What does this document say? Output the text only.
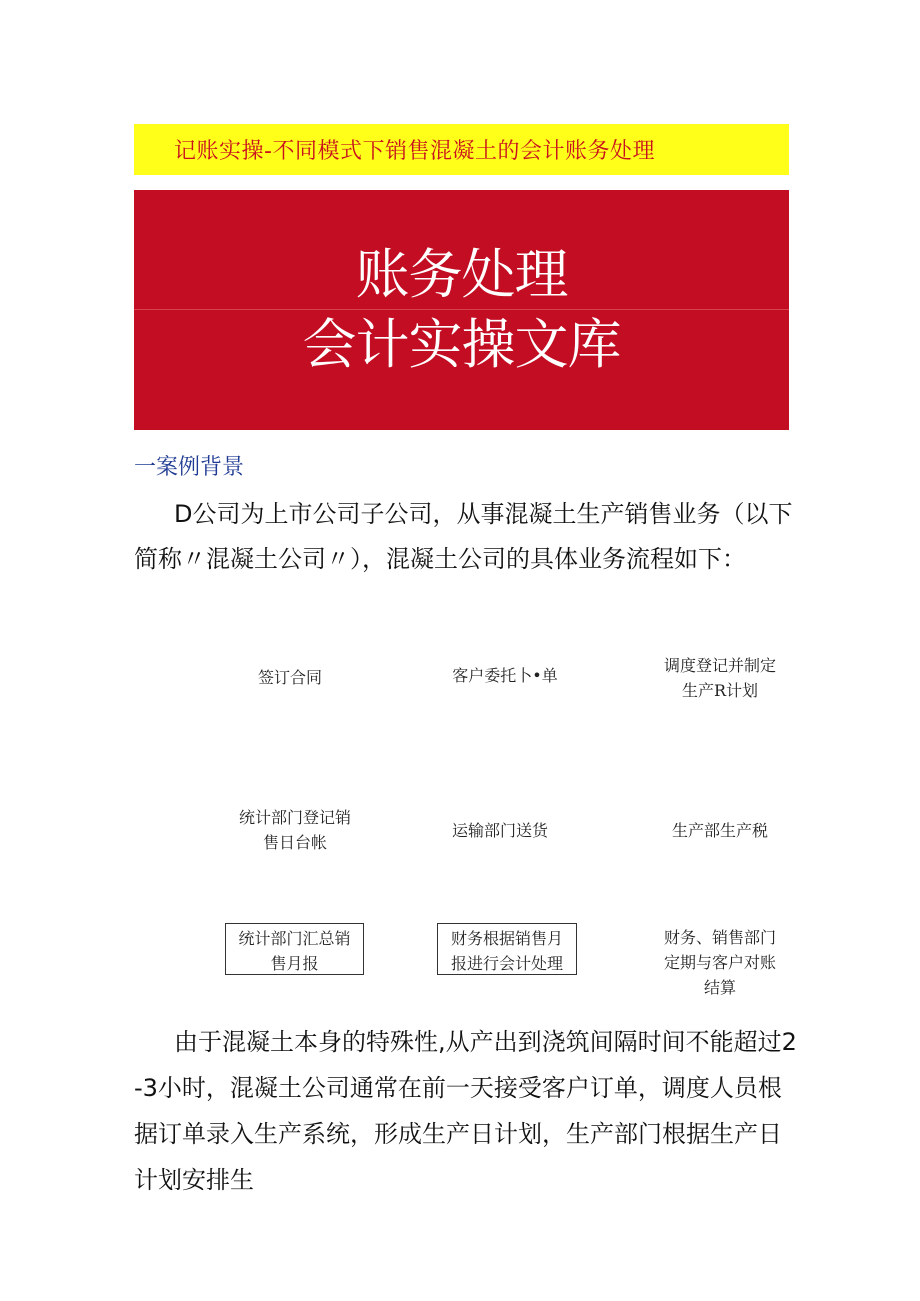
记账实操-不同模式下销售混凝土的会计账务处理
账务处理
会计实操文库
一案例背景
D公司为上市公司子公司，从事混凝土生产销售业务（以下简称〃混凝土公司〃），混凝土公司的具体业务流程如下：
签订合同	客户委托卜•单
调度登记并制定
生产R计划
统计部门登记销
售日台帐
运输部门送货	生产部生产税
统计部门汇总销
售月报
财务根据销售月
报进行会计处理
财务、销售部门
定期与客户对账
结算
由于混凝土本身的特殊性,从产出到浇筑间隔时间不能超过2-3小时，混凝土公司通常在前一天接受客户订单，调度人员根据订单录入生产系统，形成生产日计划，生产部门根据生产日计划安排生
